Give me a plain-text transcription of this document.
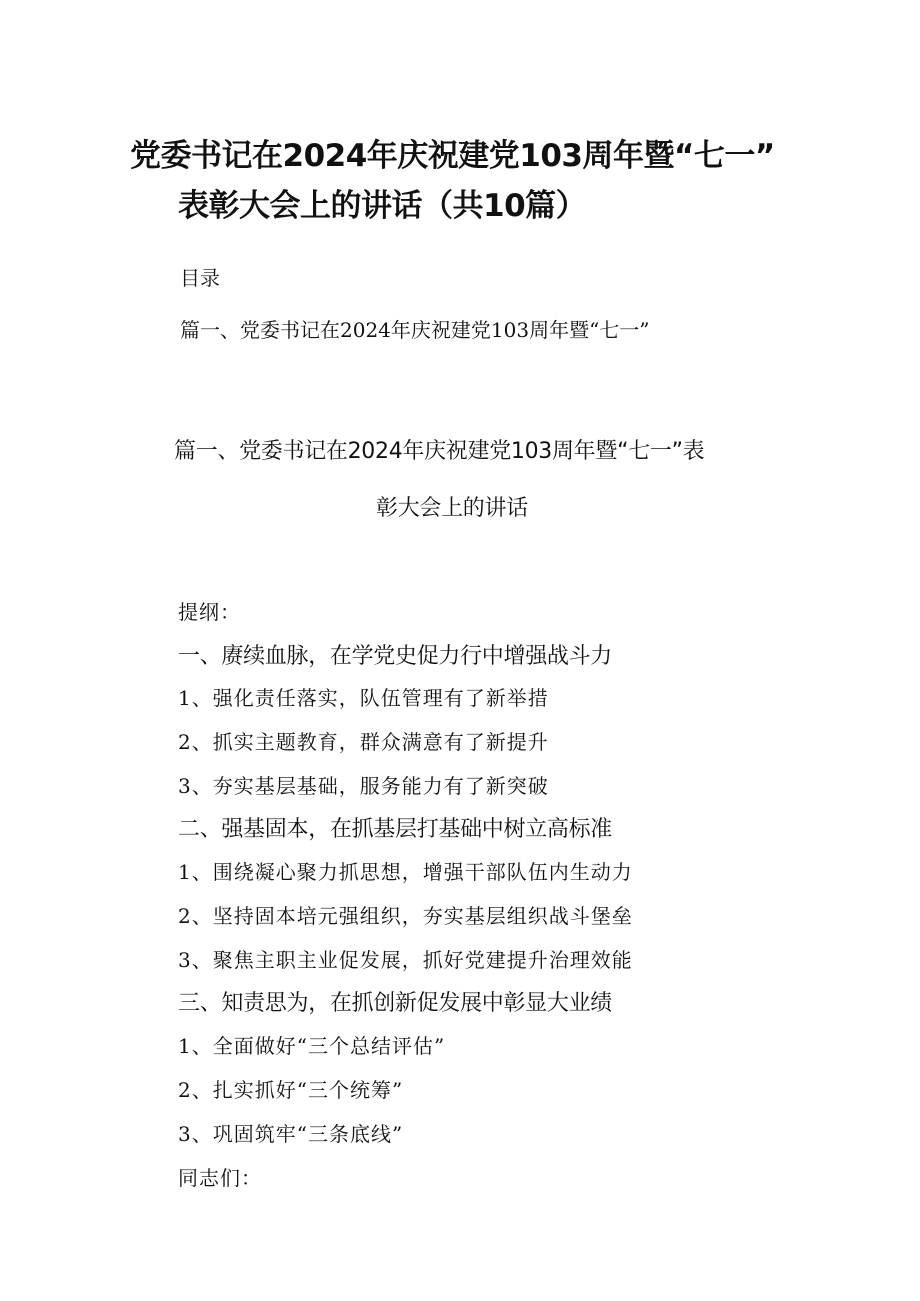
党委书记在2024年庆祝建党103周年暨“七一”
表彰大会上的讲话（共10篇）
目录
篇一、党委书记在2024年庆祝建党103周年暨“七一”
篇一、党委书记在2024年庆祝建党103周年暨“七一”表
彰大会上的讲话
提纲：
一、赓续血脉，在学党史促力行中增强战斗力
1、强化责任落实，队伍管理有了新举措
2、抓实主题教育，群众满意有了新提升
3、夯实基层基础，服务能力有了新突破
二、强基固本，在抓基层打基础中树立高标准
1、围绕凝心聚力抓思想，增强干部队伍内生动力
2、坚持固本培元强组织，夯实基层组织战斗堡垒
3、聚焦主职主业促发展，抓好党建提升治理效能
三、知责思为，在抓创新促发展中彰显大业绩
1、全面做好“三个总结评估”
2、扎实抓好“三个统筹”
3、巩固筑牢“三条底线”
同志们：
